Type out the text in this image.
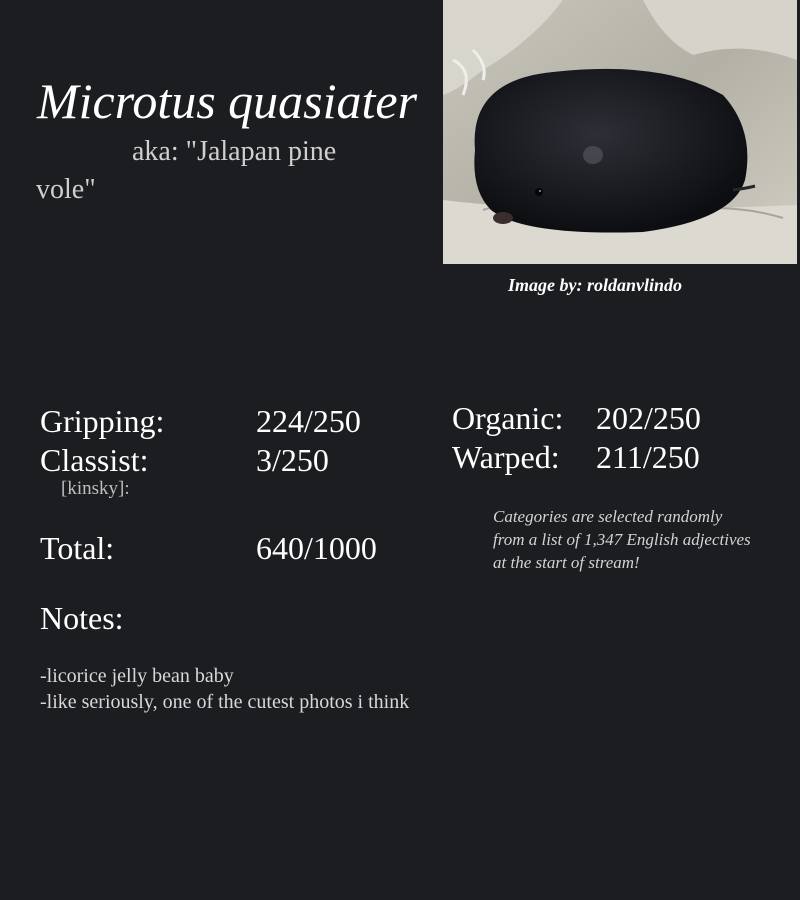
Microtus quasiater
aka: "Jalapan pine
vole"
Image by: roldanvlindo
Gripping:	224/250
Classist:	3/250
[kinsky]:
Total:	640/1000
Organic: 202/250
Warped: 211/250
Categories are selected randomly from a list of 1,347 English adjectives at the start of stream!
Notes:
-licorice jelly bean baby
-like seriously, one of the cutest photos i think
